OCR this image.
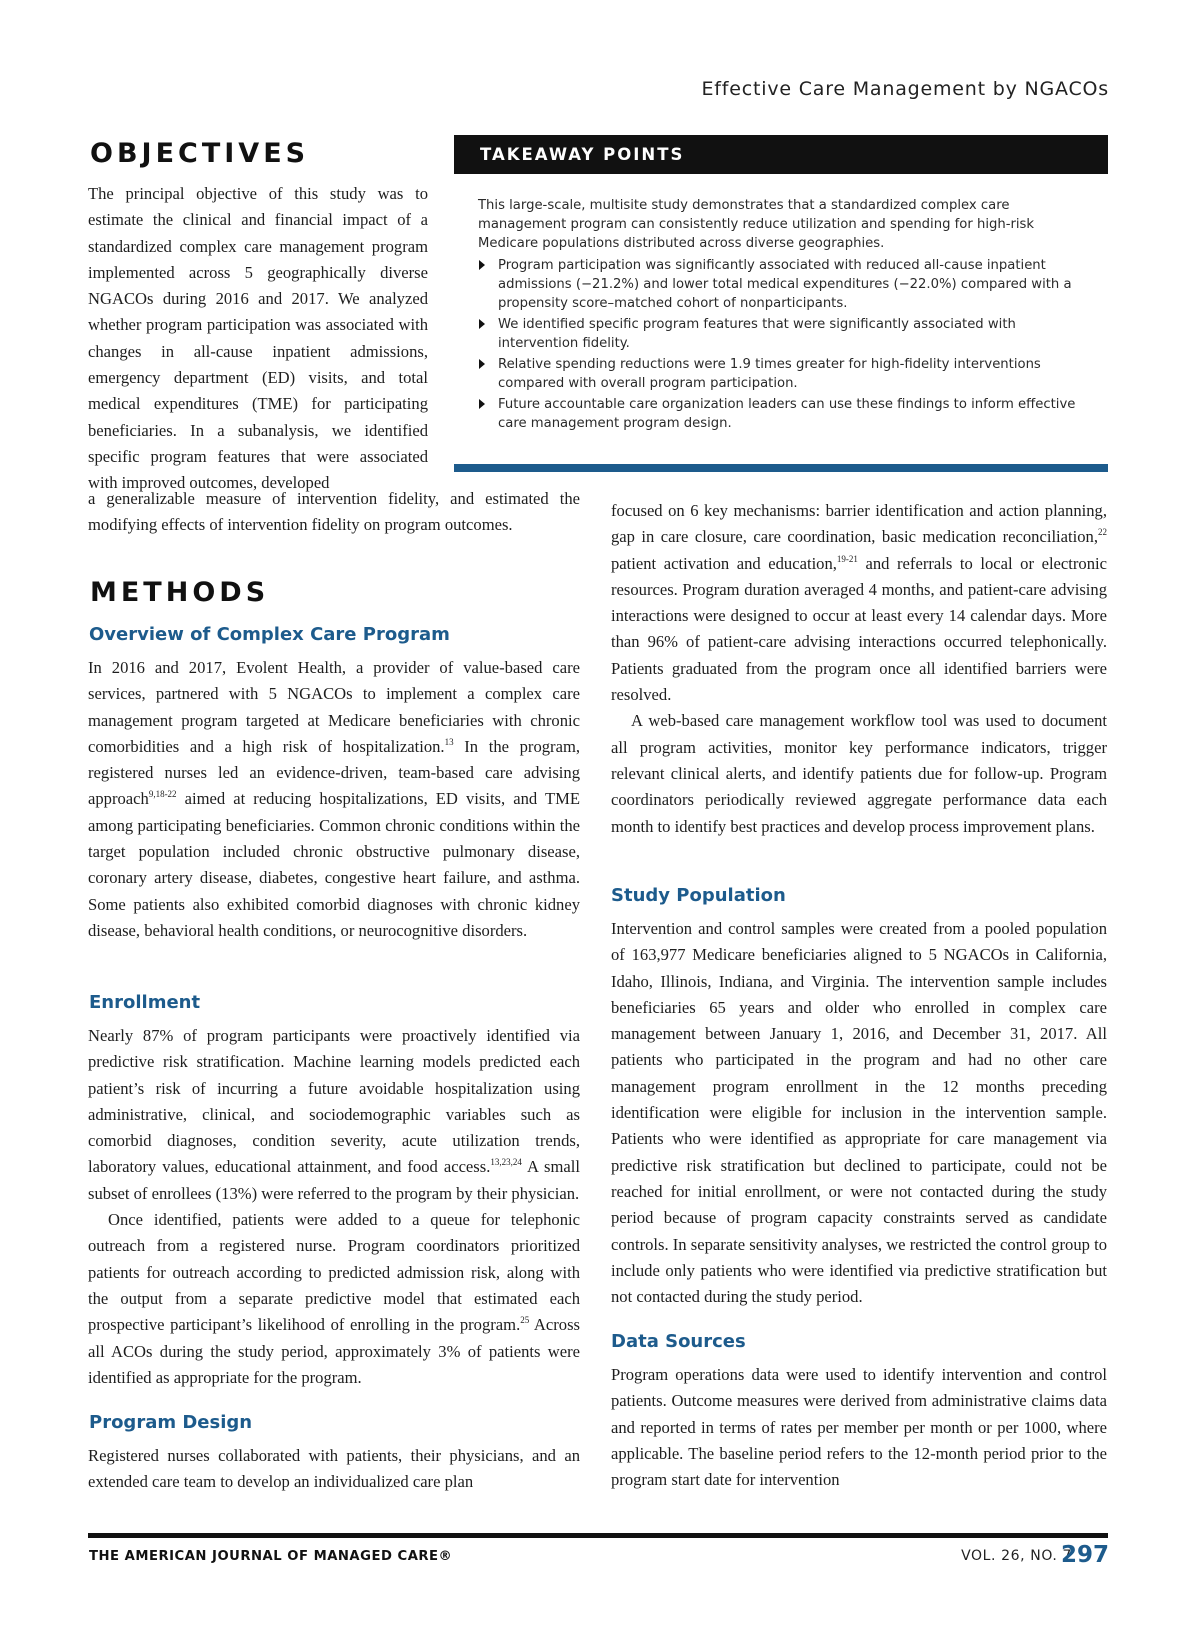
Effective Care Management by NGACOs
OBJECTIVES
The principal objective of this study was to estimate the clinical and financial impact of a standardized complex care management program implemented across 5 geographically diverse NGACOs during 2016 and 2017. We analyzed whether program participation was associated with changes in all-cause inpatient admissions, emergency department (ED) visits, and total medical expenditures (TME) for participating beneficiaries. In a subanalysis, we identified specific program features that were associated with improved outcomes, developed
a generalizable measure of intervention fidelity, and estimated the modifying effects of intervention fidelity on program outcomes.
TAKEAWAY POINTS

This large-scale, multisite study demonstrates that a standardized complex care management program can consistently reduce utilization and spending for high-risk Medicare populations distributed across diverse geographies.

Program participation was significantly associated with reduced all-cause inpatient admissions (−21.2%) and lower total medical expenditures (−22.0%) compared with a propensity score–matched cohort of nonparticipants.
We identified specific program features that were significantly associated with intervention fidelity.
Relative spending reductions were 1.9 times greater for high-fidelity interventions compared with overall program participation.
Future accountable care organization leaders can use these findings to inform effective care management program design.
METHODS
Overview of Complex Care Program

In 2016 and 2017, Evolent Health, a provider of value-based care services, partnered with 5 NGACOs to implement a complex care management program targeted at Medicare beneficiaries with chronic comorbidities and a high risk of hospitalization.$^{13}$ In the program, registered nurses led an evidence-driven, team-based care advising approach$^{9,18-22}$ aimed at reducing hospitalizations, ED visits, and TME among participating beneficiaries. Common chronic conditions within the target population included chronic obstructive pulmonary disease, coronary artery disease, diabetes, congestive heart failure, and asthma. Some patients also exhibited comorbid diagnoses with chronic kidney disease, behavioral health conditions, or neurocognitive disorders.

Enrollment

Nearly 87% of program participants were proactively identified via predictive risk stratification. Machine learning models predicted each patient’s risk of incurring a future avoidable hospitalization using administrative, clinical, and sociodemographic variables such as comorbid diagnoses, condition severity, acute utilization trends, laboratory values, educational attainment, and food access.$^{13,23,24}$ A small subset of enrollees (13%) were referred to the program by their physician.

Once identified, patients were added to a queue for telephonic outreach from a registered nurse. Program coordinators prioritized patients for outreach according to predicted admission risk, along with the output from a separate predictive model that estimated each prospective participant’s likelihood of enrolling in the program.$^{25}$ Across all ACOs during the study period, approximately 3% of patients were identified as appropriate for the program.

Program Design
Registered nurses collaborated with patients, their physicians, and an extended care team to develop an individualized care plan

focused on 6 key mechanisms: barrier identification and action planning, gap in care closure, care coordination, basic medication reconciliation,$^{22}$ patient activation and education,$^{19-21}$ and referrals to local or electronic resources. Program duration averaged 4 months, and patient-care advising interactions were designed to occur at least every 14 calendar days. More than 96% of patient-care advising interactions occurred telephonically. Patients graduated from the program once all identified barriers were resolved.

A web-based care management workflow tool was used to document all program activities, monitor key performance indicators, trigger relevant clinical alerts, and identify patients due for follow-up. Program coordinators periodically reviewed aggregate performance data each month to identify best practices and develop process improvement plans.

Study Population
Intervention and control samples were created from a pooled population of 163,977 Medicare beneficiaries aligned to 5 NGACOs in California, Idaho, Illinois, Indiana, and Virginia. The intervention sample includes beneficiaries 65 years and older who enrolled in complex care management between January 1, 2016, and December 31, 2017. All patients who participated in the program and had no other care management program enrollment in the 12 months preceding identification were eligible for inclusion in the intervention sample. Patients who were identified as appropriate for care management via predictive risk stratification but declined to participate, could not be reached for initial enrollment, or were not contacted during the study period because of program capacity constraints served as candidate controls. In separate sensitivity analyses, we restricted the control group to include only patients who were identified via predictive stratification but not contacted during the study period.
Data Sources
Program operations data were used to identify intervention and control patients. Outcome measures were derived from administrative claims data and reported in terms of rates per member per month or per 1000, where applicable. The baseline period refers to the 12-month period prior to the program start date for intervention
THE AMERICAN JOURNAL OF MANAGED CARE®	VOL. 26, NO. 7
297
